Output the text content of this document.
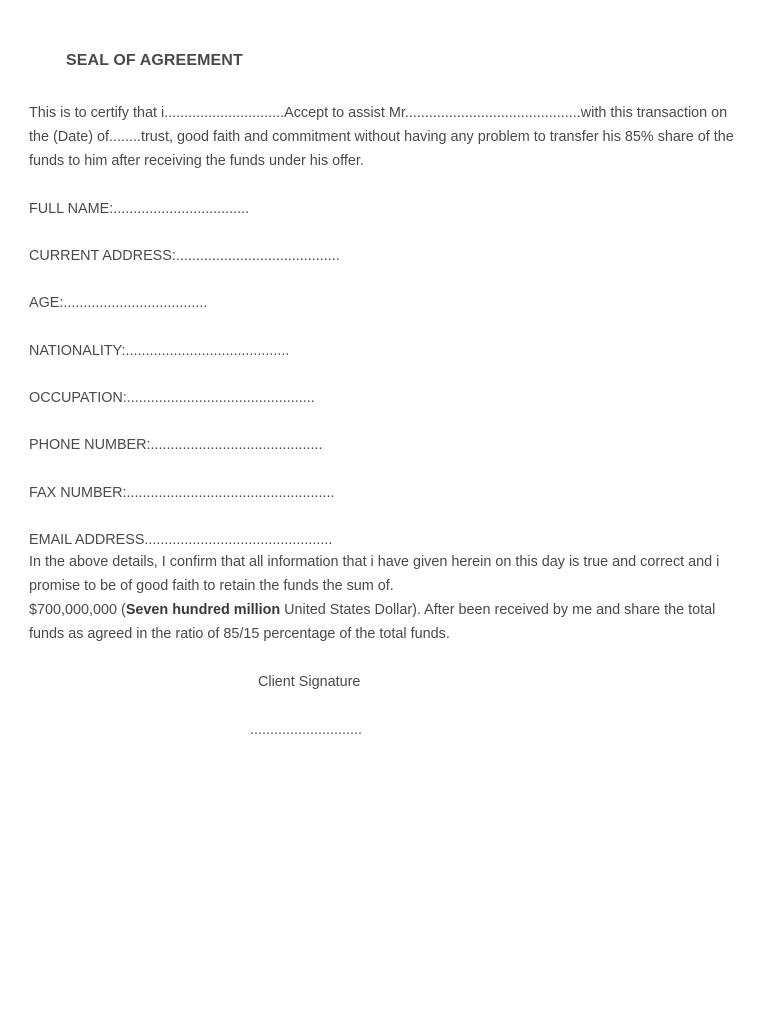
SEAL OF AGREEMENT
This is to certify that i..............................Accept to assist Mr............................................with this transaction on the (Date) of........trust, good faith and commitment without having any problem to transfer his 85% share of the funds to him after receiving the funds under his offer.
FULL NAME:..................................
CURRENT ADDRESS:.........................................
AGE:....................................
NATIONALITY:.........................................
OCCUPATION:...............................................
PHONE NUMBER:...........................................
FAX NUMBER:....................................................
EMAIL ADDRESS...............................................
In the above details, I confirm that all information that i have given herein on this day is true and correct and i promise to be of good faith to retain the funds the sum of.
$700,000,000 (Seven hundred million United States Dollar). After been received by me and share the total funds as agreed in the ratio of 85/15 percentage of the total funds.
Client Signature
............................
